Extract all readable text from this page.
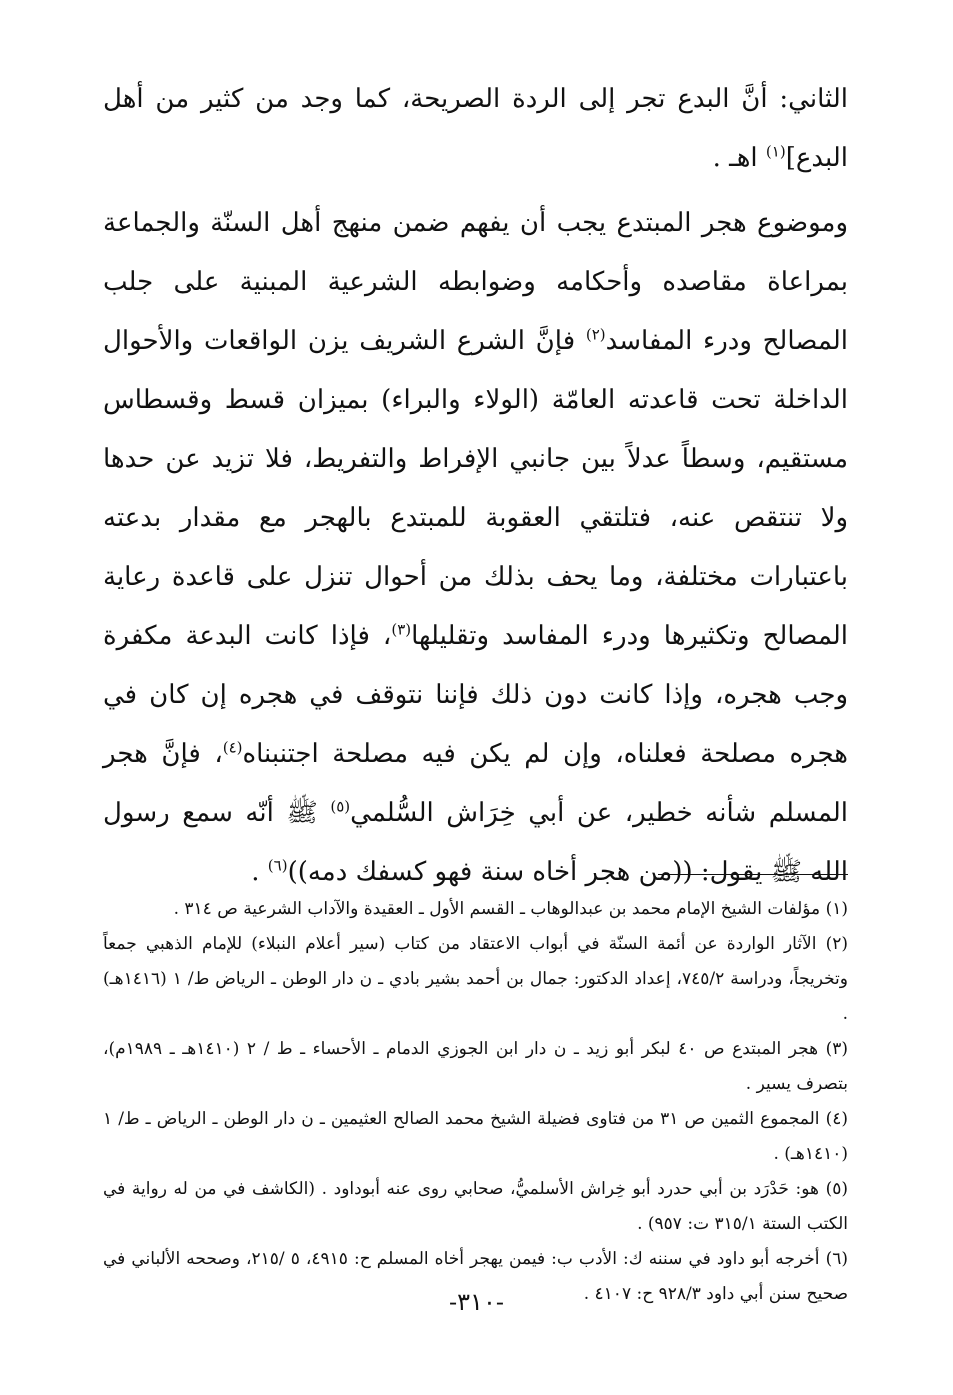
الثاني: أنَّ البدع تجر إلى الردة الصريحة، كما وجد من كثير من أهل البدع]$^{(١)}$ اهـ .

وموضوع هجر المبتدع يجب أن يفهم ضمن منهج أهل السنّة والجماعة بمراعاة مقاصده وأحكامه وضوابطه الشرعية المبنية على جلب المصالح ودرء المفاسد$^{(٢)}$ فإنَّ الشرع الشريف يزن الواقعات والأحوال الداخلة تحت قاعدته العامّة (الولاء والبراء) بميزان قسط وقسطاس مستقيم، وسطاً عدلاً بين جانبي الإفراط والتفريط، فلا تزيد عن حدها ولا تنتقص عنه، فتلتقي العقوبة للمبتدع بالهجر مع مقدار بدعته باعتبارات مختلفة، وما يحف بذلك من أحوال تنزل على قاعدة رعاية المصالح وتكثيرها ودرء المفاسد وتقليلها$^{(٣)}$، فإذا كانت البدعة مكفرة وجب هجره، وإذا كانت دون ذلك فإننا نتوقف في هجره إن كان في هجره مصلحة فعلناه، وإن لم يكن فيه مصلحة اجتنبناه$^{(٤)}$، فإنَّ هجر المسلم شأنه خطير، عن أبي خِرَاش السُّلمي$^{(٥)}$ ﷺ أنّه سمع رسول الله ﷺ يقول: ((من هجر أخاه سنة فهو كسفك دمه))$^{(٦)}$ .

(١) مؤلفات الشيخ الإمام محمد بن عبدالوهاب ـ القسم الأول ـ العقيدة والآداب الشرعية ص ٣١٤ .

(٢) الآثار الواردة عن أئمة السنّة في أبواب الاعتقاد من كتاب (سير أعلام النبلاء) للإمام الذهبي جمعاً وتخريجاً، ودراسة ٧٤٥/٢، إعداد الدكتور: جمال بن أحمد بشير بادي ـ ن دار الوطن ـ الرياض ط/ ١ (١٤١٦هـ) .

(٣) هجر المبتدع ص ٤٠ لبكر أبو زيد ـ ن دار ابن الجوزي الدمام ـ الأحساء ـ ط / ٢ (١٤١٠هـ ـ ١٩٨٩م)، بتصرف يسير .

(٤) المجموع الثمين ص ٣١ من فتاوى فضيلة الشيخ محمد الصالح العثيمين ـ ن دار الوطن ـ الرياض ـ ط/ ١ (١٤١٠هـ) .

(٥) هو: حَدْرَد بن أبي حدرد أبو خِراش الأسلميُّ، صحابي روى عنه أبوداود . (الكاشف في من له رواية في الكتب الستة ٣١٥/١ ت: ٩٥٧) .

(٦) أخرجه أبو داود في سننه ك: الأدب ب: فيمن يهجر أخاه المسلم ح: ٤٩١٥، ٥ /٢١٥، وصححه الألباني في صحيح سنن أبي داود ٩٢٨/٣ ح: ٤١٠٧ .

-٣١٠-
